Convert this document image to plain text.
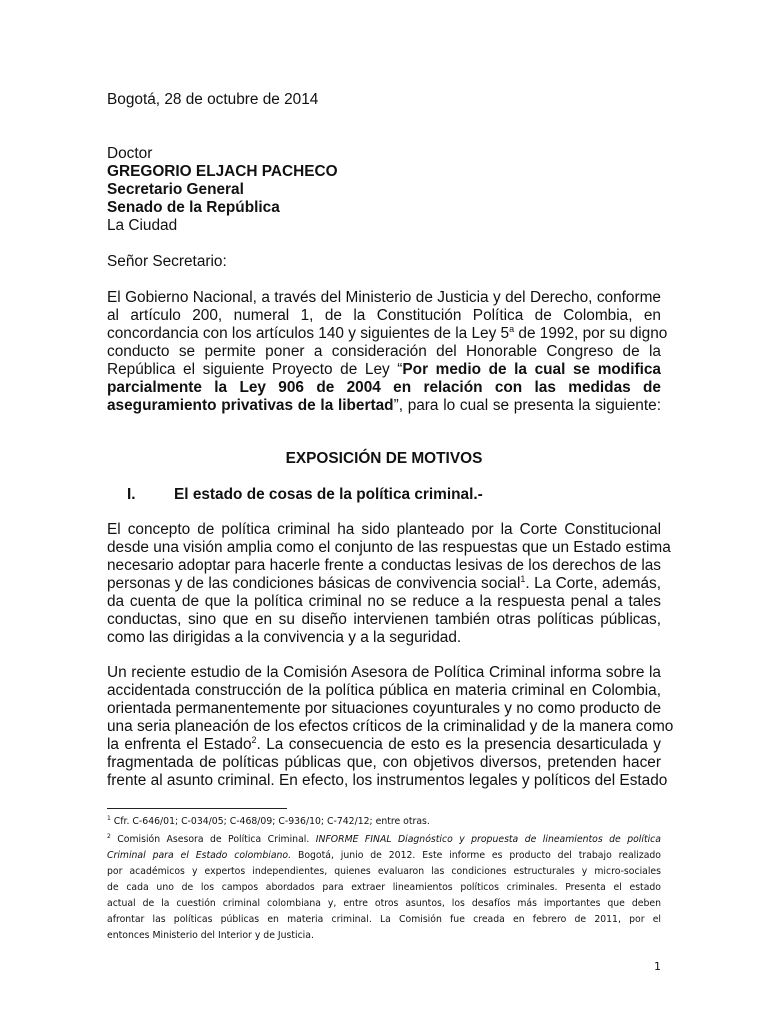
Bogotá, 28 de octubre de 2014
Doctor
GREGORIO ELJACH PACHECO
Secretario General
Senado de la República
La Ciudad
Señor Secretario:
El Gobierno Nacional, a través del Ministerio de Justicia y del Derecho, conforme
al artículo 200, numeral 1, de la Constitución Política de Colombia, en
concordancia con los artículos 140 y siguientes de la Ley 5$^a$ de 1992, por su digno
conducto se permite poner a consideración del Honorable Congreso de la
República el siguiente Proyecto de Ley “Por medio de la cual se modifica
parcialmente la Ley 906 de 2004 en relación con las medidas de
aseguramiento privativas de la libertad”, para lo cual se presenta la siguiente:
EXPOSICIÓN DE MOTIVOS
I.	El estado de cosas de la política criminal.-
El concepto de política criminal ha sido planteado por la Corte Constitucional
desde una visión amplia como el conjunto de las respuestas que un Estado estima
necesario adoptar para hacerle frente a conductas lesivas de los derechos de las
personas y de las condiciones básicas de convivencia social$^1$. La Corte, además,
da cuenta de que la política criminal no se reduce a la respuesta penal a tales
conductas, sino que en su diseño intervienen también otras políticas públicas,
como las dirigidas a la convivencia y a la seguridad.
Un reciente estudio de la Comisión Asesora de Política Criminal informa sobre la
accidentada construcción de la política pública en materia criminal en Colombia,
orientada permanentemente por situaciones coyunturales y no como producto de
una seria planeación de los efectos críticos de la criminalidad y de la manera como
la enfrenta el Estado$^2$. La consecuencia de esto es la presencia desarticulada y
fragmentada de políticas públicas que, con objetivos diversos, pretenden hacer
frente al asunto criminal. En efecto, los instrumentos legales y políticos del Estado
$^1$ Cfr. C-646/01; C-034/05; C-468/09; C-936/10; C-742/12; entre otras.
$^2$ Comisión Asesora de Política Criminal. INFORME FINAL Diagnóstico y propuesta de lineamientos de política
Criminal para el Estado colombiano. Bogotá, junio de 2012. Este informe es producto del trabajo realizado
por académicos y expertos independientes, quienes evaluaron las condiciones estructurales y micro-sociales
de cada uno de los campos abordados para extraer lineamientos políticos criminales. Presenta el estado
actual de la cuestión criminal colombiana y, entre otros asuntos, los desafíos más importantes que deben
afrontar las políticas públicas en materia criminal. La Comisión fue creada en febrero de 2011, por el
entonces Ministerio del Interior y de Justicia.
1
